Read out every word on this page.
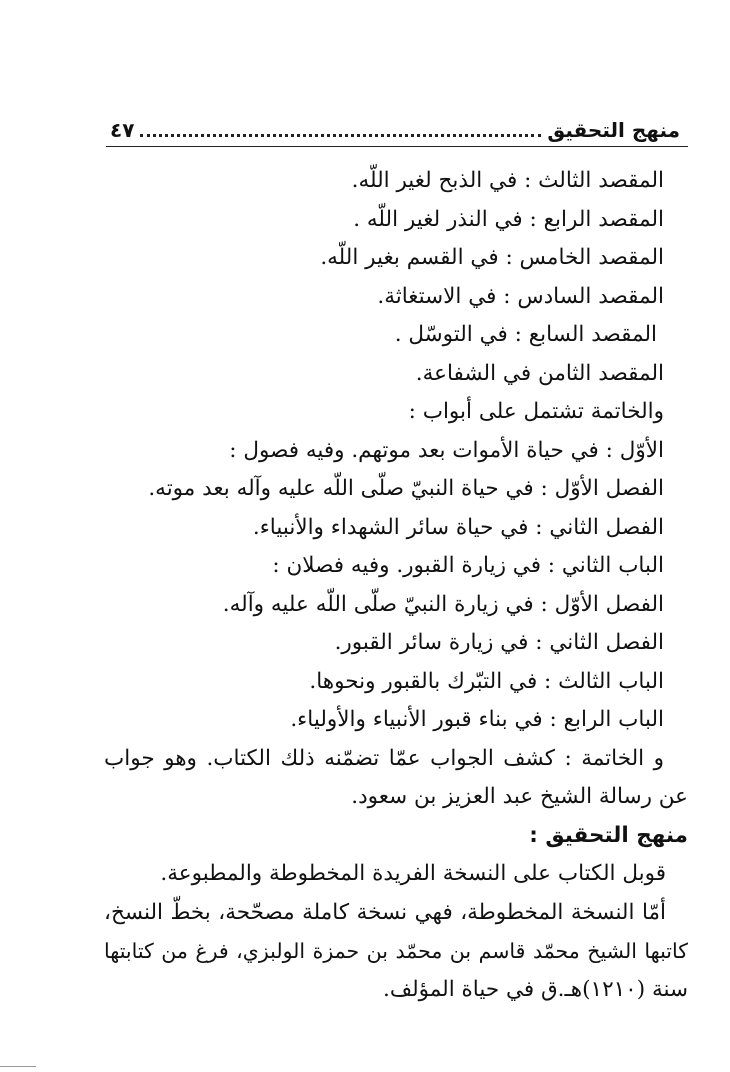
منهج التحقيق
٤٧
المقصد الثالث : في الذبح لغير اللّه.
المقصد الرابع : في النذر لغير اللّه .
المقصد الخامس : في القسم بغير اللّه.
المقصد السادس : في الاستغاثة.
المقصد السابع : في التوسّل .
المقصد الثامن في الشفاعة.
والخاتمة تشتمل على أبواب :
الأوّل : في حياة الأموات بعد موتهم. وفيه فصول :
الفصل الأوّل : في حياة النبيّ صلّى اللّه عليه وآله بعد موته.
الفصل الثاني : في حياة سائر الشهداء والأنبياء.
الباب الثاني : في زيارة القبور. وفيه فصلان :
الفصل الأوّل : في زيارة النبيّ صلّى اللّه عليه وآله.
الفصل الثاني : في زيارة سائر القبور.
الباب الثالث : في التبّرك بالقبور ونحوها.
الباب الرابع : في بناء قبور الأنبياء والأولياء.
و الخاتمة : كشف الجواب عمّا تضمّنه ذلك الكتاب. وهو جواب
عن رسالة الشيخ عبد العزيز بن سعود.
منهج التحقيق :
قوبل الكتاب على النسخة الفريدة المخطوطة والمطبوعة.
أمّا النسخة المخطوطة، فهي نسخة كاملة مصحّحة، بخطّ النسخ،
كاتبها الشيخ محمّد قاسم بن محمّد بن حمزة الولبزي، فرغ من كتابتها
سنة (١٢١٠)هـ.ق في حياة المؤلف.
